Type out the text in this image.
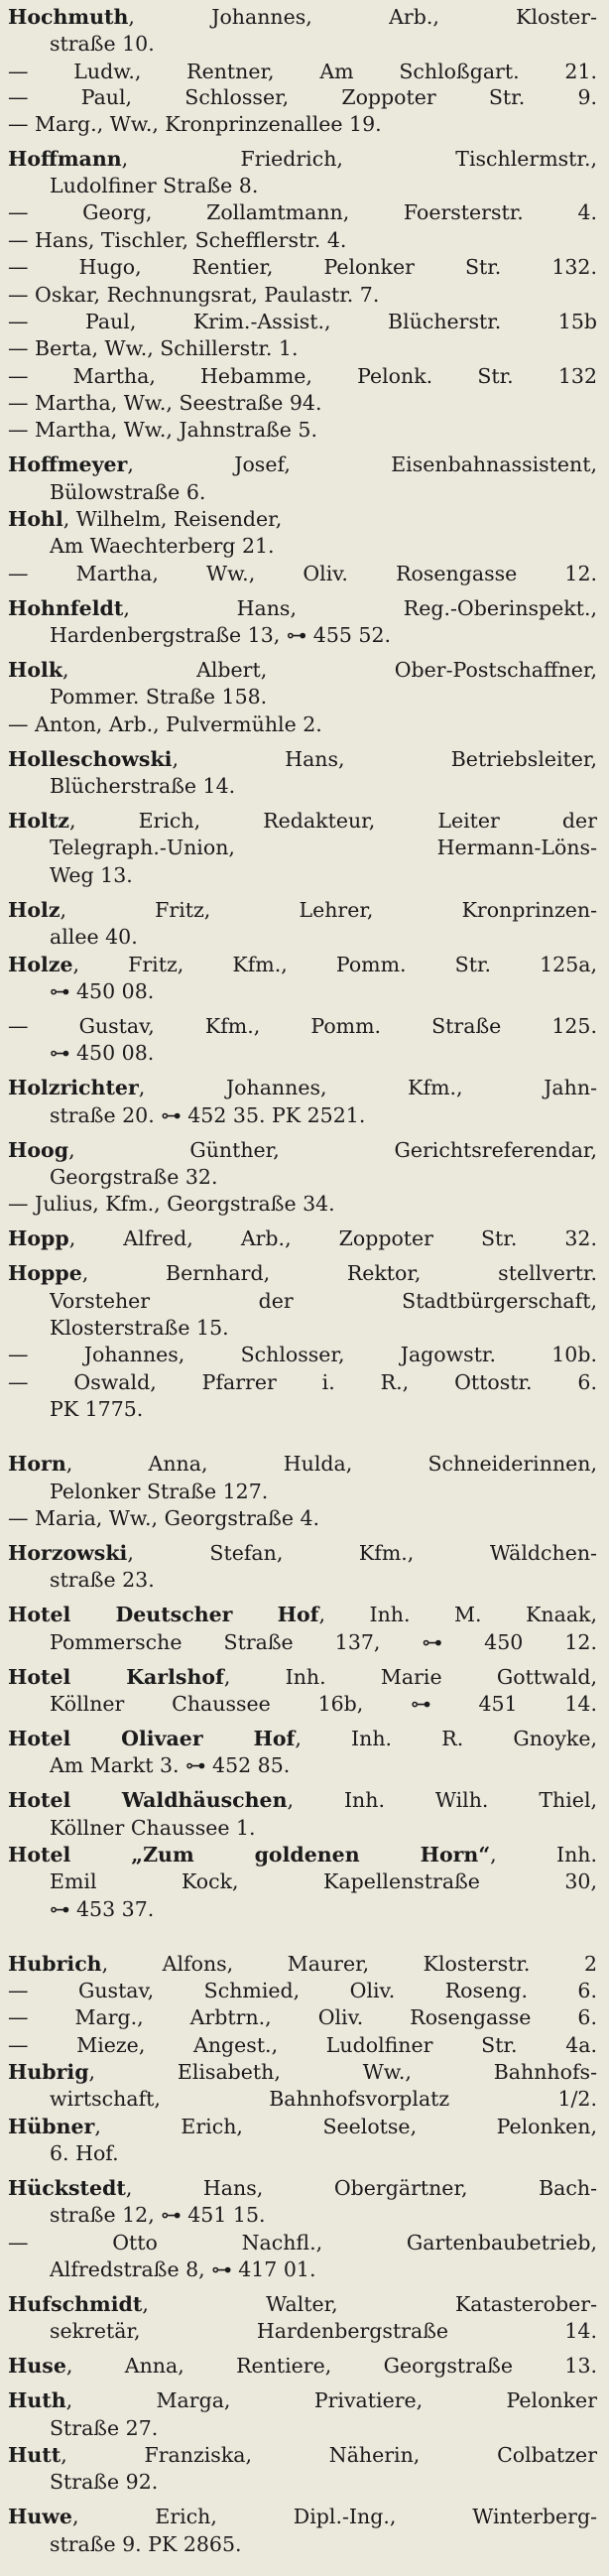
Hochmuth, Johannes, Arb., Kloster-
straße 10.
— Ludw., Rentner, Am Schloßgart. 21.
— Paul, Schlosser, Zoppoter Str. 9.
— Marg., Ww., Kronprinzenallee 19.
Hoffmann, Friedrich, Tischlermstr.,
Ludolfiner Straße 8.
— Georg, Zollamtmann, Foersterstr. 4.
— Hans, Tischler, Schefflerstr. 4.
— Hugo, Rentier, Pelonker Str. 132.
— Oskar, Rechnungsrat, Paulastr. 7.
— Paul, Krim.-Assist., Blücherstr. 15b
— Berta, Ww., Schillerstr. 1.
— Martha, Hebamme, Pelonk. Str. 132
— Martha, Ww., Seestraße 94.
— Martha, Ww., Jahnstraße 5.
Hoffmeyer, Josef, Eisenbahnassistent,
Bülowstraße 6.
Hohl, Wilhelm, Reisender,
Am Waechterberg 21.
— Martha, Ww., Oliv. Rosengasse 12.
Hohnfeldt, Hans, Reg.-Oberinspekt.,
Hardenbergstraße 13, ⊶ 455 52.
Holk, Albert, Ober-Postschaffner,
Pommer. Straße 158.
— Anton, Arb., Pulvermühle 2.
Holleschowski, Hans, Betriebsleiter,
Blücherstraße 14.
Holtz, Erich, Redakteur, Leiter der
Telegraph.-Union, Hermann-Löns-
Weg 13.
Holz, Fritz, Lehrer, Kronprinzen-
allee 40.
Holze, Fritz, Kfm., Pomm. Str. 125a,
⊶ 450 08.
— Gustav, Kfm., Pomm. Straße 125.
⊶ 450 08.
Holzrichter, Johannes, Kfm., Jahn-
straße 20. ⊶ 452 35. PK 2521.
Hoog, Günther, Gerichtsreferendar,
Georgstraße 32.
— Julius, Kfm., Georgstraße 34.
Hopp, Alfred, Arb., Zoppoter Str. 32.
Hoppe, Bernhard, Rektor, stellvertr.
Vorsteher der Stadtbürgerschaft,
Klosterstraße 15.
— Johannes, Schlosser, Jagowstr. 10b.
— Oswald, Pfarrer i. R., Ottostr. 6.
PK 1775.
Horn, Anna, Hulda, Schneiderinnen,
Pelonker Straße 127.
— Maria, Ww., Georgstraße 4.
Horzowski, Stefan, Kfm., Wäldchen-
straße 23.
Hotel Deutscher Hof, Inh. M. Knaak,
Pommersche Straße 137, ⊶ 450 12.
Hotel Karlshof, Inh. Marie Gottwald,
Köllner Chaussee 16b, ⊶ 451 14.
Hotel Olivaer Hof, Inh. R. Gnoyke,
Am Markt 3. ⊶ 452 85.
Hotel Waldhäuschen, Inh. Wilh. Thiel,
Köllner Chaussee 1.
Hotel „Zum goldenen Horn“, Inh.
Emil Kock, Kapellenstraße 30,
⊶ 453 37.
Hubrich, Alfons, Maurer, Klosterstr. 2
— Gustav, Schmied, Oliv. Roseng. 6.
— Marg., Arbtrn., Oliv. Rosengasse 6.
— Mieze, Angest., Ludolfiner Str. 4a.
Hubrig, Elisabeth, Ww., Bahnhofs-
wirtschaft, Bahnhofsvorplatz 1/2.
Hübner, Erich, Seelotse, Pelonken,
6. Hof.
Hückstedt, Hans, Obergärtner, Bach-
straße 12, ⊶ 451 15.
— Otto Nachfl., Gartenbaubetrieb,
Alfredstraße 8, ⊶ 417 01.
Hufschmidt, Walter, Katasterober-
sekretär, Hardenbergstraße 14.
Huse, Anna, Rentiere, Georgstraße 13.
Huth, Marga, Privatiere, Pelonker
Straße 27.
Hutt, Franziska, Näherin, Colbatzer
Straße 92.
Huwe, Erich, Dipl.-Ing., Winterberg-
straße 9. PK 2865.
